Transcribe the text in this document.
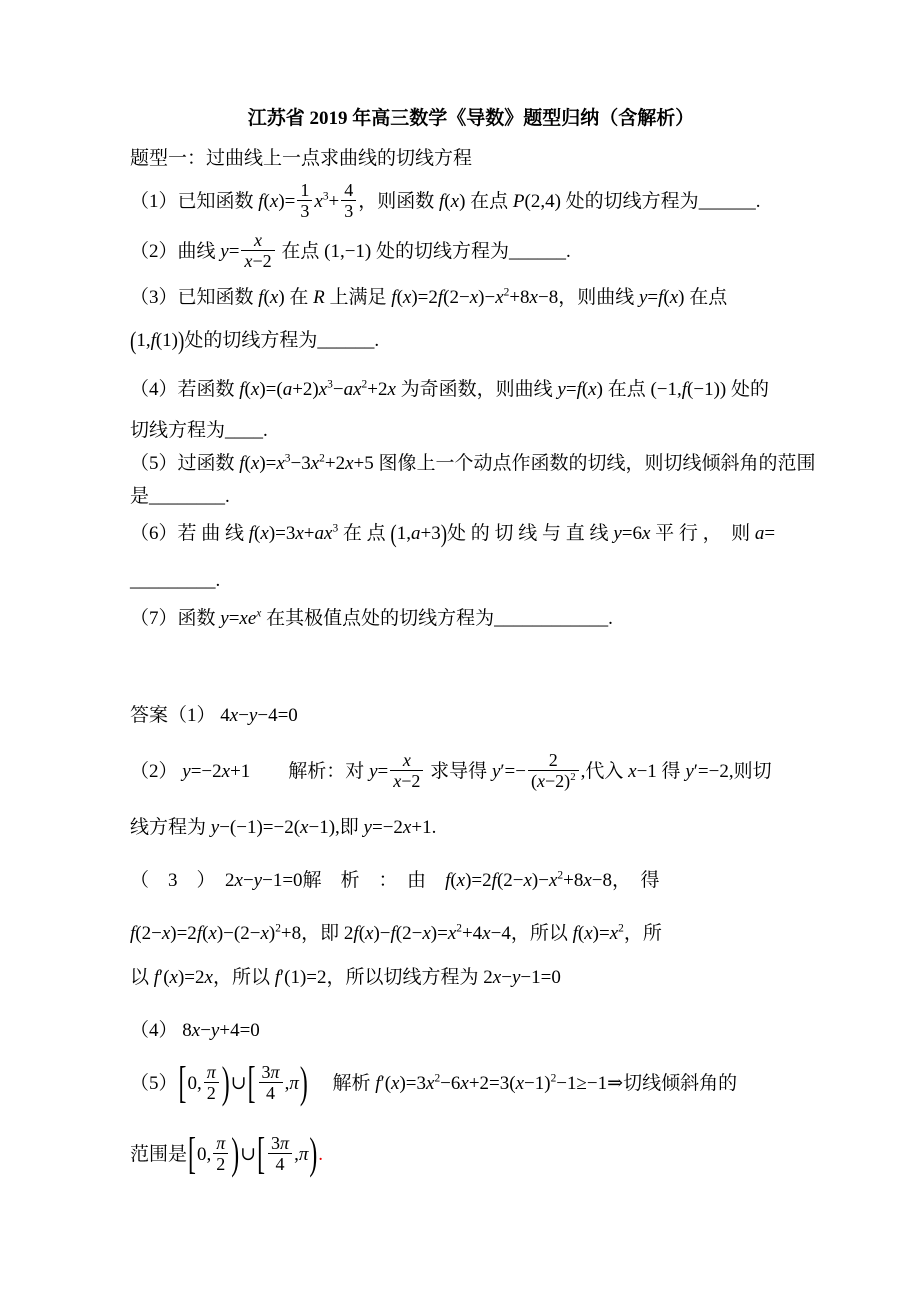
江苏省 2019 年高三数学《导数》题型归纳（含解析）

题型一：过曲线上一点求曲线的切线方程

（1）已知函数 $f(x)= \frac{1}{3} x^3+ \frac{4}{3}$ ，则函数 f(x) 在点 P(2,4) 处的切线方程为______.

（2）曲线 $y= \frac{x}{x-2}$ 在点 (1,−1) 处的切线方程为______.

（3）已知函数 f(x) 在 R 上满足 $f(x)=2f(2-x)-x^2+8x-8$，则曲线 y=f(x) 在点

(1,f(1))处的切线方程为______.

（4）若函数 $f(x)=(a+2)x^3-ax^2+2x$ 为奇函数，则曲线 y=f(x) 在点 (−1,f(−1)) 处的

切线方程为____.

（5）过函数 $f(x)=x^3-3x^2+2x+5$ 图像上一个动点作函数的切线，则切线倾斜角的范围

是________.

（6）若 曲 线 $f(x)=3x+ax^3$ 在 点 (1,a+3)处 的 切 线 与 直 线 y=6x 平 行 ，　则 a=

_________.

（7）函数 $y=xe^x$ 在其极值点处的切线方程为____________.

答案（1） 4x−y−4=0

（2） y=−2x+1　　解析：对 $y= \frac{x}{x-2}$ 求导得 $y'=- \frac{2}{(x-2)^2}$ ,代入 x−1 得 y′=−2,则切

线方程为 y−(−1)=−2(x−1),即 y=−2x+1.

（　3　）　2x−y−1=0解　析　：　由　$f(x)=2f(2-x)-x^2+8x-8$，　得

$f(2-x)=2f(x)-(2-x)^2+8$，即 $2f(x)-f(2-x)=x^2+4x-4$，所以 $f(x)=x^2$，所

以 f′(x)=2x，所以 f′(1)=2，所以切线方程为 2x−y−1=0

（4） 8x−y+4=0

（5）[0, $\frac{\pi}{2}$ )∪[ $\frac{3\pi}{4} ,\pi$)　 解析 $f'(x)=3x^2-6x+2=3(x-1)^2-1\ge-1\Rightarrow$切线倾斜角的

范围是[0, $\frac{\pi}{2}$ )∪[ $\frac{3\pi}{4} ,\pi$).
